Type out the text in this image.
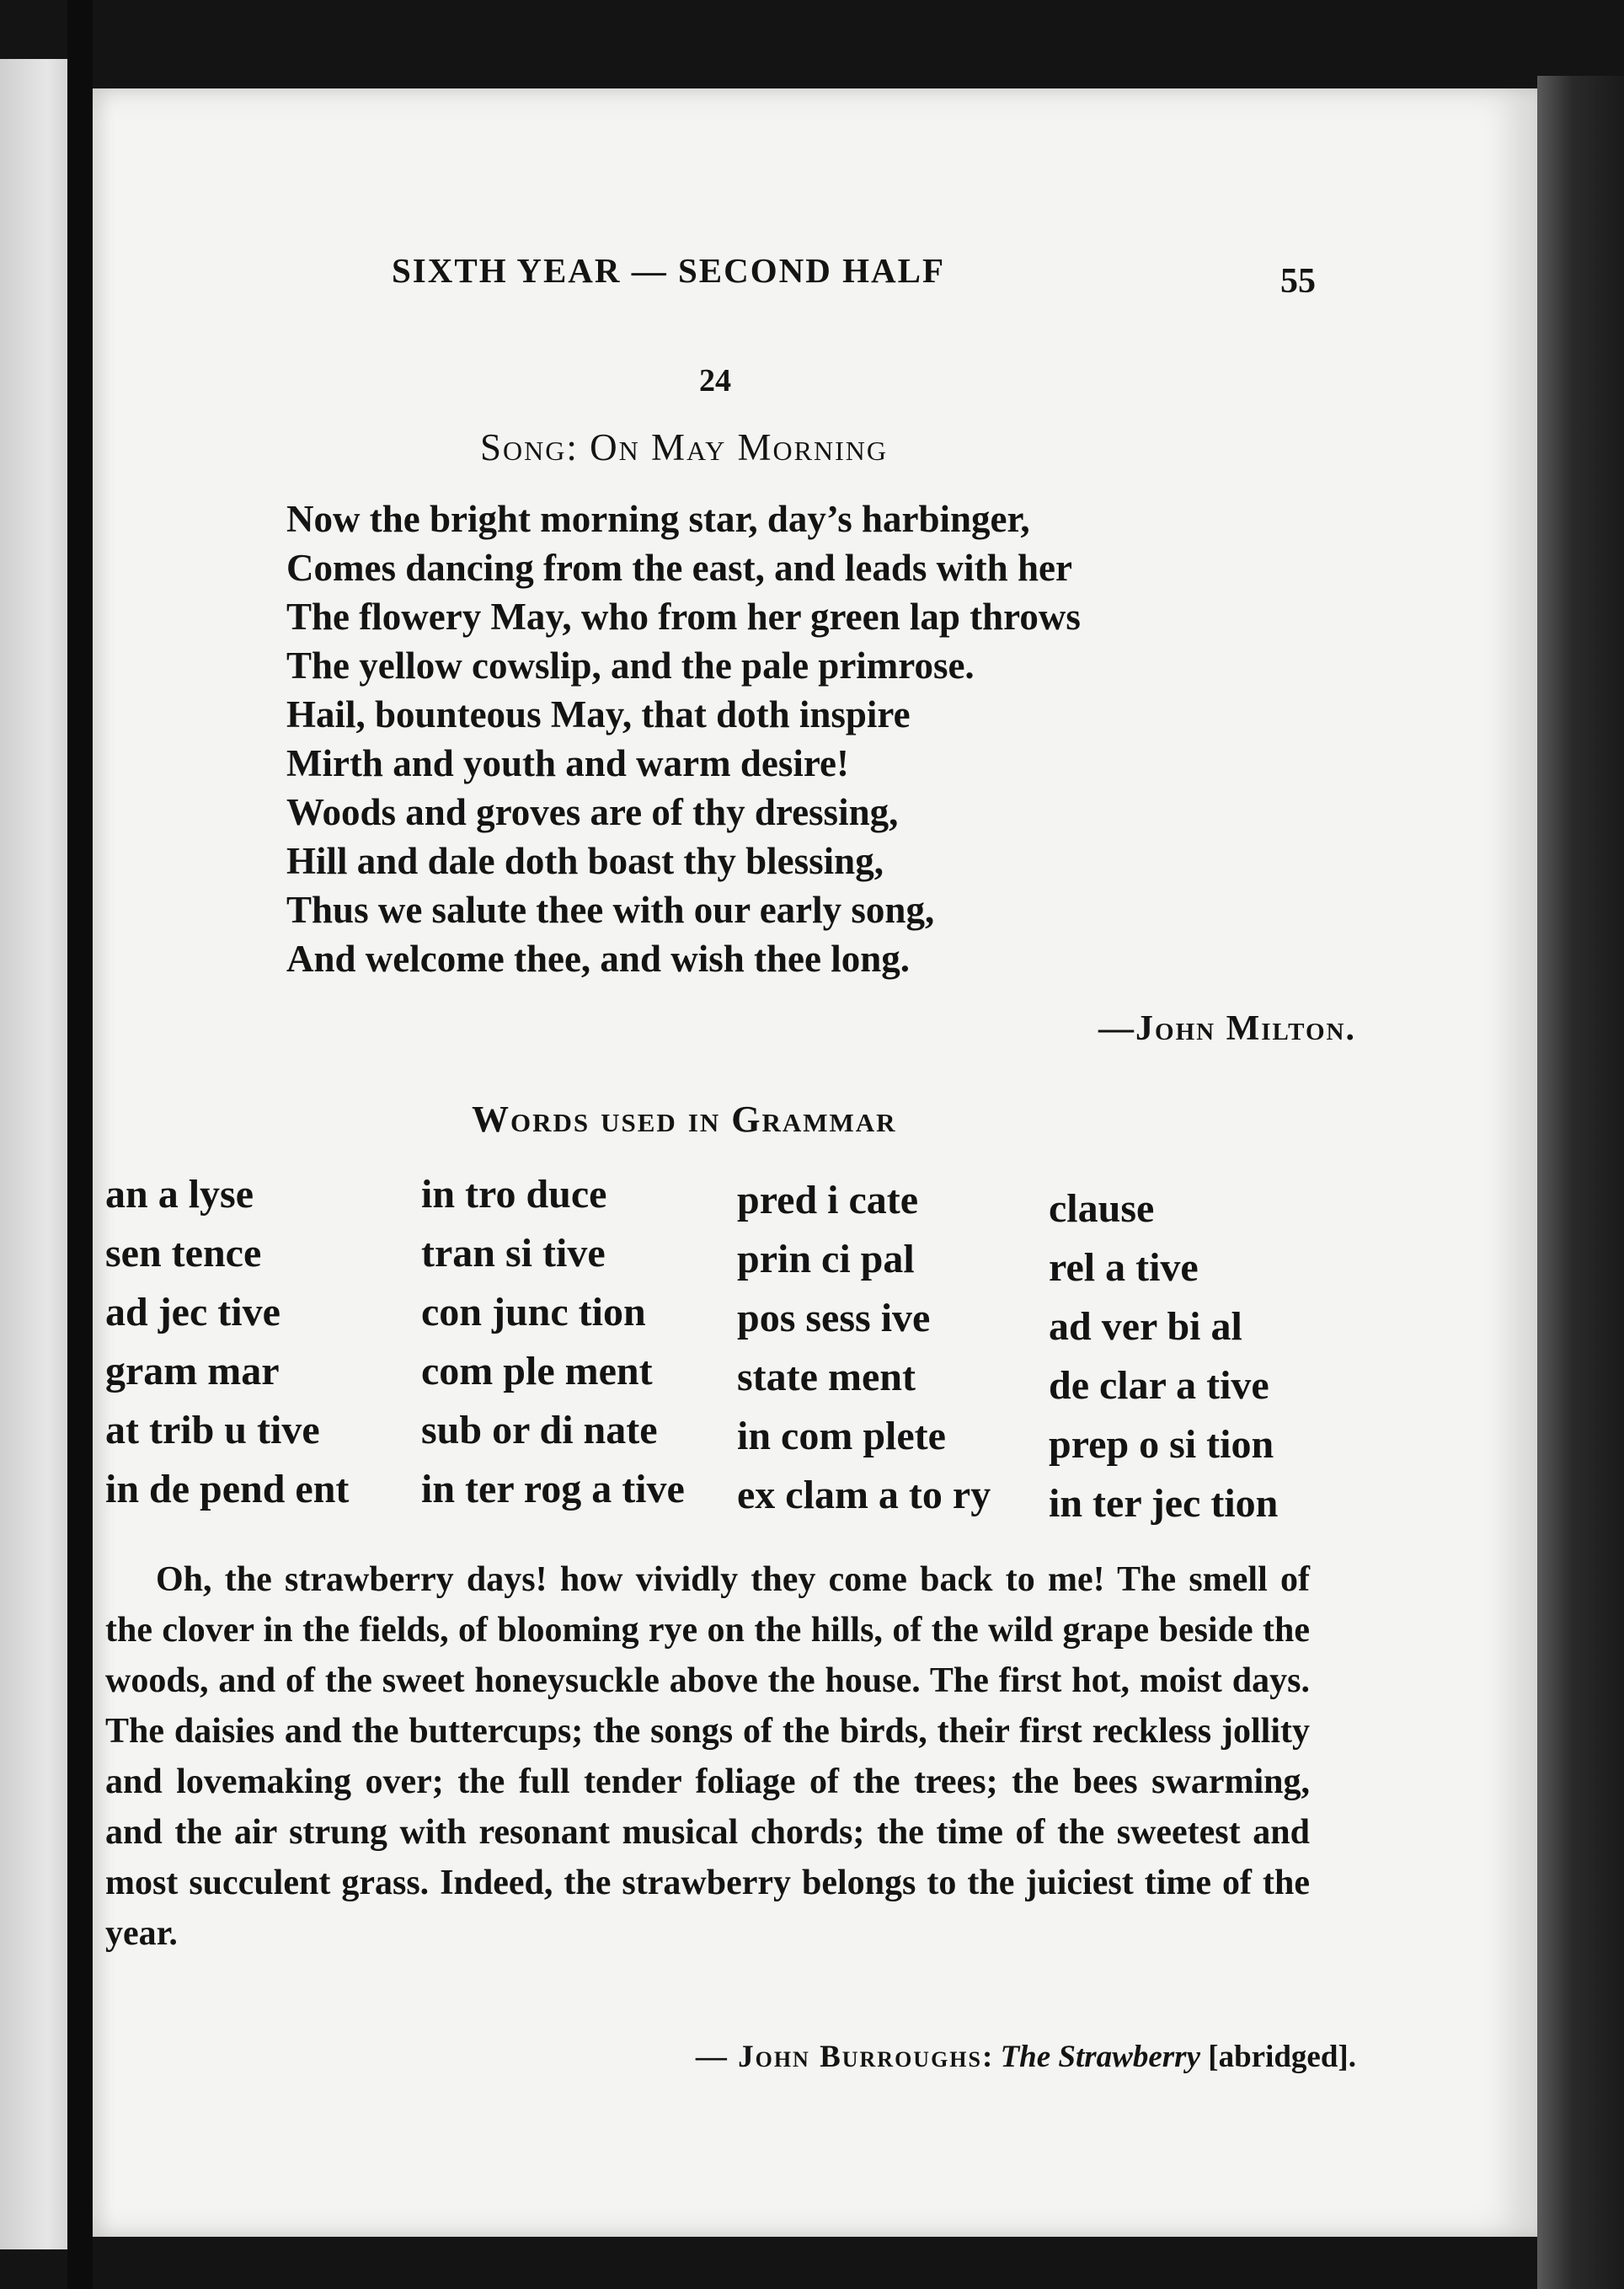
SIXTH YEAR — SECOND HALF	55
24
Song: On May Morning
Now the bright morning star, day’s harbinger,
Comes dancing from the east, and leads with her
The flowery May, who from her green lap throws
The yellow cowslip, and the pale primrose.
Hail, bounteous May, that doth inspire
Mirth and youth and warm desire!
Woods and groves are of thy dressing,
Hill and dale doth boast thy blessing,
Thus we salute thee with our early song,
And welcome thee, and wish thee long.
—John Milton.
Words used in Grammar
an a lyse
sen tence
ad jec tive
gram mar
at trib u tive
in de pend ent
in tro duce
tran si tive
con junc tion
com ple ment
sub or di nate
in ter rog a tive
pred i cate
prin ci pal
pos sess ive
state ment
in com plete
ex clam a to ry
clause
rel a tive
ad ver bi al
de clar a tive
prep o si tion
in ter jec tion
Oh, the strawberry days! how vividly they come back to me! The smell of the clover in the fields, of blooming rye on the hills, of the wild grape beside the woods, and of the sweet honeysuckle above the house. The first hot, moist days. The daisies and the buttercups; the songs of the birds, their first reckless jollity and lovemaking over; the full tender foliage of the trees; the bees swarming, and the air strung with resonant musical chords; the time of the sweetest and most succulent grass. Indeed, the strawberry belongs to the juiciest time of the year.
— John Burroughs: The Strawberry [abridged].
